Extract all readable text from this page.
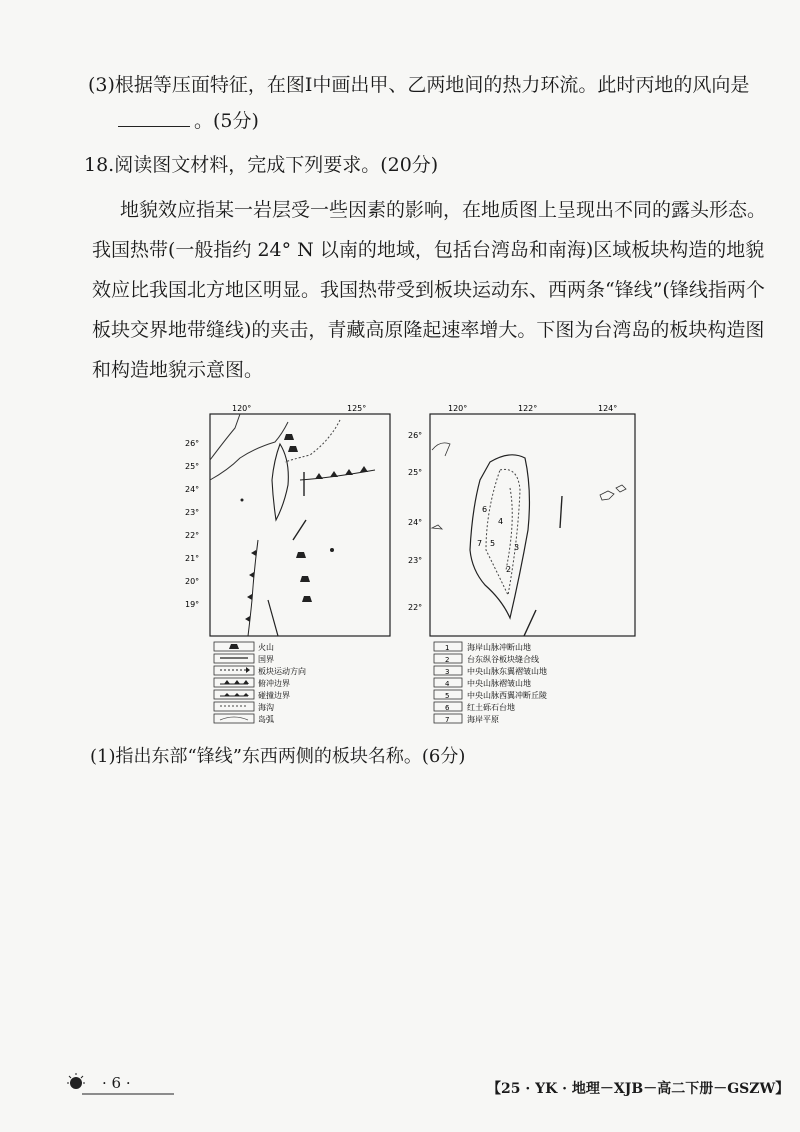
(3)根据等压面特征，在图Ⅰ中画出甲、乙两地间的热力环流。此时丙地的风向是
。(5分)
18.阅读图文材料，完成下列要求。(20分)
地貌效应指某一岩层受一些因素的影响，在地质图上呈现出不同的露头形态。
我国热带(一般指约 24° N 以南的地域，包括台湾岛和南海)区域板块构造的地貌
效应比我国北方地区明显。我国热带受到板块运动东、西两条“锋线”(锋线指两个
板块交界地带缝线)的夹击，青藏高原隆起速率增大。下图为台湾岛的板块构造图
和构造地貌示意图。
120°	125°
26°
25°
24°
23°
22°
21°
20°
19°
火山
国界
板块运动方向
俯冲边界
碰撞边界
海沟
岛弧
120°	122°	124°
26°
25°
24°
23°
22°
6
4
7 5 3
2
1 海岸山脉冲断山地
2 台东纵谷板块缝合线
3 中央山脉东翼褶皱山地
4 中央山脉褶皱山地
5 中央山脉西翼冲断丘陵
6 红土砾石台地
7 海岸平原
(1)指出东部“锋线”东西两侧的板块名称。(6分)
· 6 ·	【25 · YK · 地理－XJB－高二下册－GSZW】
